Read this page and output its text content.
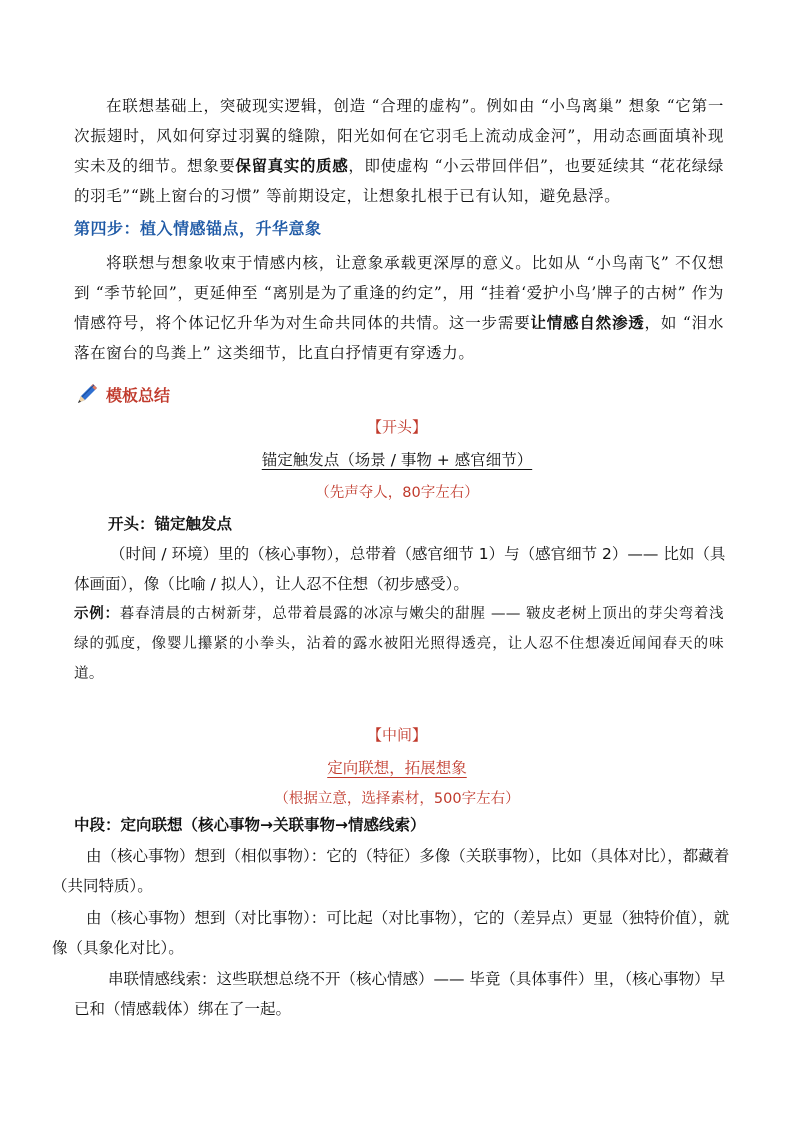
在联想基础上，突破现实逻辑，创造 “合理的虚构”。例如由 “小鸟离巢” 想象 “它第一次振翅时，风如何穿过羽翼的缝隙，阳光如何在它羽毛上流动成金河”，用动态画面填补现实未及的细节。想象要保留真实的质感，即使虚构 “小云带回伴侣”，也要延续其 “花花绿绿的羽毛”“跳上窗台的习惯” 等前期设定，让想象扎根于已有认知，避免悬浮。

第四步：植入情感锚点，升华意象

将联想与想象收束于情感内核，让意象承载更深厚的意义。比如从 “小鸟南飞” 不仅想到 “季节轮回”，更延伸至 “离别是为了重逢的约定”，用 “挂着‘爱护小鸟’牌子的古树” 作为情感符号，将个体记忆升华为对生命共同体的共情。这一步需要让情感自然渗透，如 “泪水落在窗台的鸟粪上” 这类细节，比直白抒情更有穿透力。

模板总结
【开头】
锚定触发点（场景 / 事物 + 感官细节）
（先声夺人，80字左右）
开头：锚定触发点
（时间 / 环境）里的（核心事物），总带着（感官细节 1）与（感官细节 2）—— 比如（具体画面），像（比喻 / 拟人），让人忍不住想（初步感受）。

示例：暮春清晨的古树新芽，总带着晨露的冰凉与嫩尖的甜腥 —— 皲皮老树上顶出的芽尖弯着浅绿的弧度，像婴儿攥紧的小拳头，沾着的露水被阳光照得透亮，让人忍不住想凑近闻闻春天的味道。

【中间】
定向联想，拓展想象
（根据立意，选择素材，500字左右）
中段：定向联想（核心事物→关联事物→情感线索）
由（核心事物）想到（相似事物）：它的（特征）多像（关联事物），比如（具体对比），都藏着（共同特质）。
由（核心事物）想到（对比事物）：可比起（对比事物），它的（差异点）更显（独特价值），就像（具象化对比）。
串联情感线索：这些联想总绕不开（核心情感）—— 毕竟（具体事件）里，（核心事物）早已和（情感载体）绑在了一起。
